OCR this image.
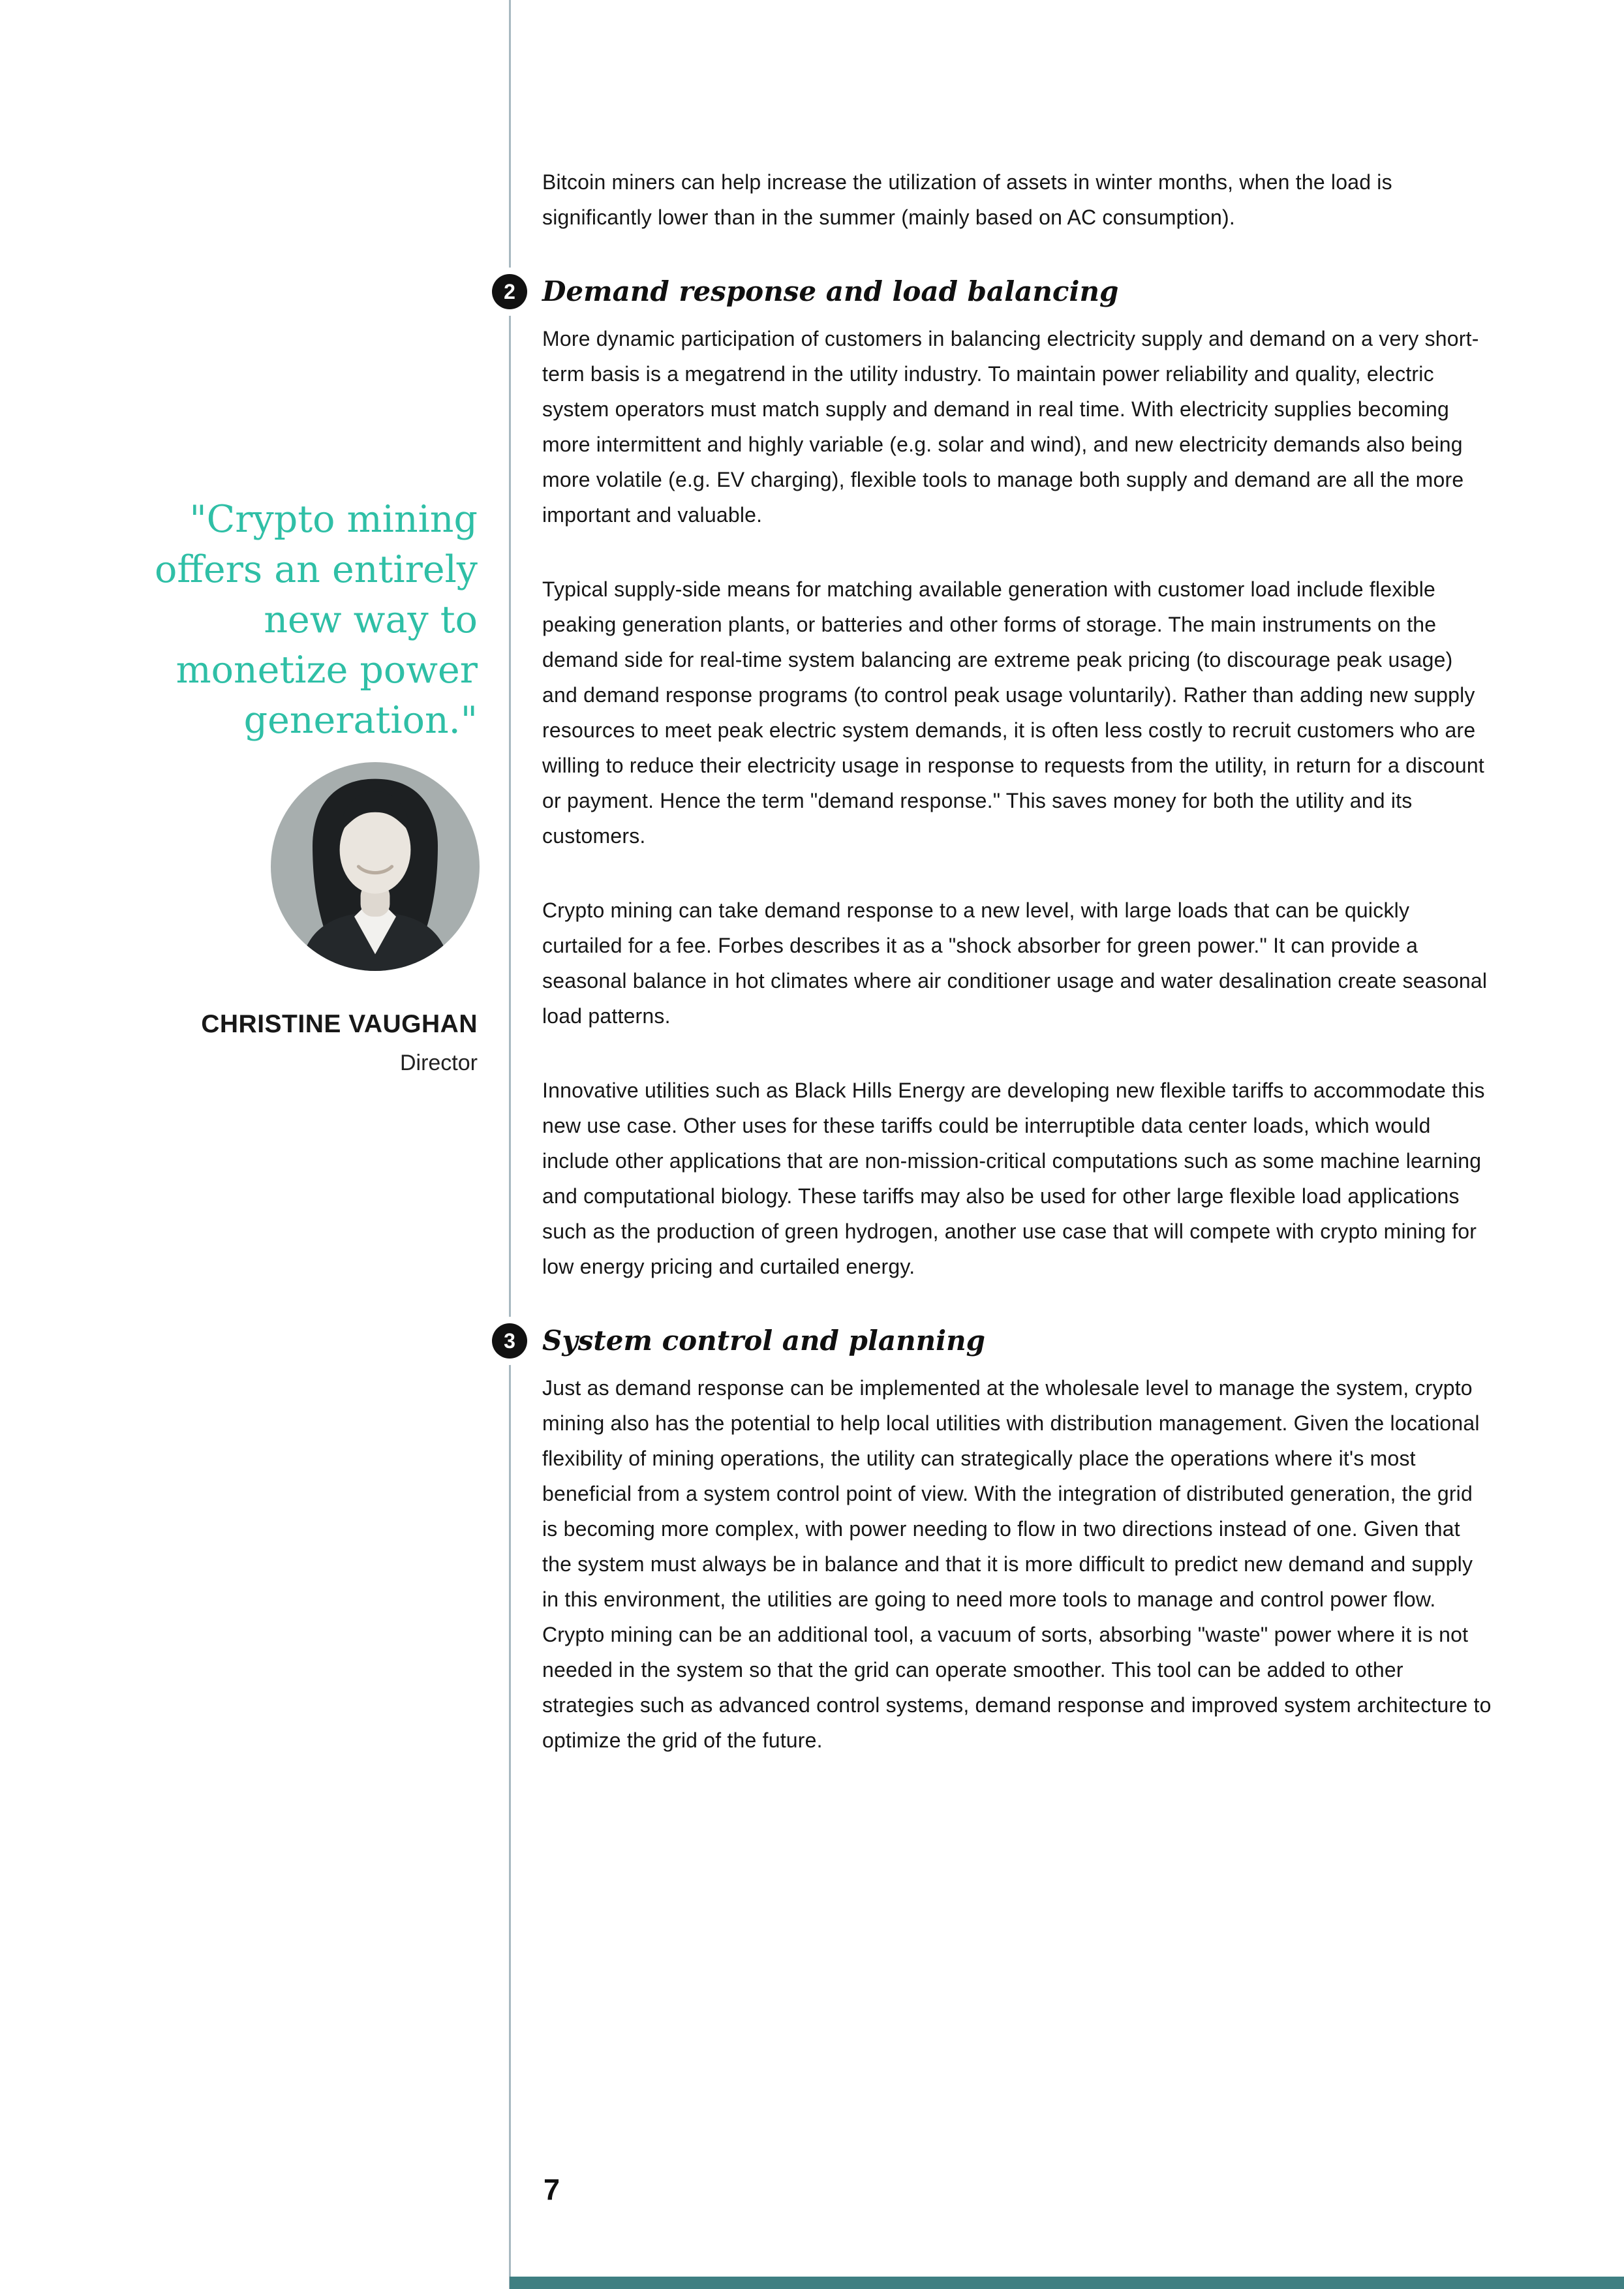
"Crypto mining
offers an entirely
new way to
monetize power
generation."
CHRISTINE VAUGHAN
Director

Bitcoin miners can help increase the utilization of assets in winter months, when the load is significantly lower than in the summer (mainly based on AC consumption).

2 Demand response and load balancing

More dynamic participation of customers in balancing electricity supply and demand on a very short-term basis is a megatrend in the utility industry. To maintain power reliability and quality, electric system operators must match supply and demand in real time. With electricity supplies becoming more intermittent and highly variable (e.g. solar and wind), and new electricity demands also being more volatile (e.g. EV charging), flexible tools to manage both supply and demand are all the more important and valuable.

Typical supply-side means for matching available generation with customer load include flexible peaking generation plants, or batteries and other forms of storage. The main instruments on the demand side for real-time system balancing are extreme peak pricing (to discourage peak usage) and demand response programs (to control peak usage voluntarily). Rather than adding new supply resources to meet peak electric system demands, it is often less costly to recruit customers who are willing to reduce their electricity usage in response to requests from the utility, in return for a discount or payment. Hence the term "demand response." This saves money for both the utility and its customers.

Crypto mining can take demand response to a new level, with large loads that can be quickly curtailed for a fee. Forbes describes it as a "shock absorber for green power." It can provide a seasonal balance in hot climates where air conditioner usage and water desalination create seasonal load patterns.

Innovative utilities such as Black Hills Energy are developing new flexible tariffs to accommodate this new use case. Other uses for these tariffs could be interruptible data center loads, which would include other applications that are non-mission-critical computations such as some machine learning and computational biology. These tariffs may also be used for other large flexible load applications such as the production of green hydrogen, another use case that will compete with crypto mining for low energy pricing and curtailed energy.

3 System control and planning

Just as demand response can be implemented at the wholesale level to manage the system, crypto mining also has the potential to help local utilities with distribution management. Given the locational flexibility of mining operations, the utility can strategically place the operations where it's most beneficial from a system control point of view. With the integration of distributed generation, the grid is becoming more complex, with power needing to flow in two directions instead of one. Given that the system must always be in balance and that it is more difficult to predict new demand and supply in this environment, the utilities are going to need more tools to manage and control power flow. Crypto mining can be an additional tool, a vacuum of sorts, absorbing "waste" power where it is not needed in the system so that the grid can operate smoother. This tool can be added to other strategies such as advanced control systems, demand response and improved system architecture to optimize the grid of the future.

7
